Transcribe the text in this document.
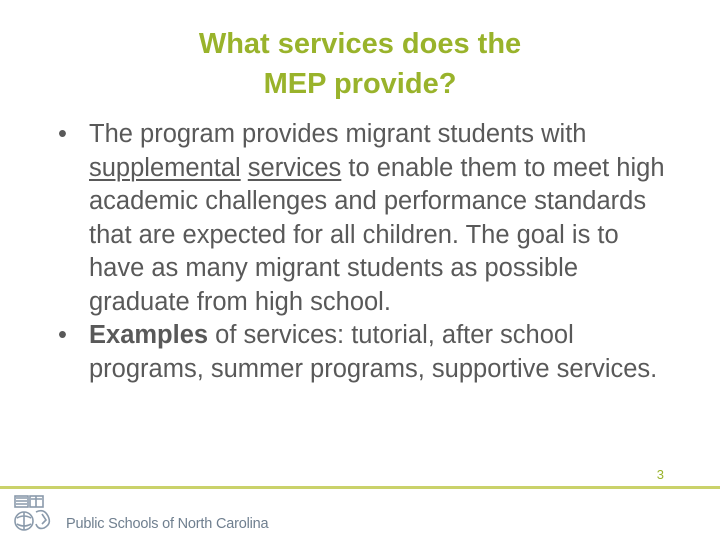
What services does the
MEP provide?
• The program provides migrant students with supplemental services to enable them to meet high academic challenges and performance standards that are expected for all children. The goal is to have as many migrant students as possible graduate from high school.
• Examples of services: tutorial, after school programs, summer programs, supportive services.
3
Public Schools of North Carolina
